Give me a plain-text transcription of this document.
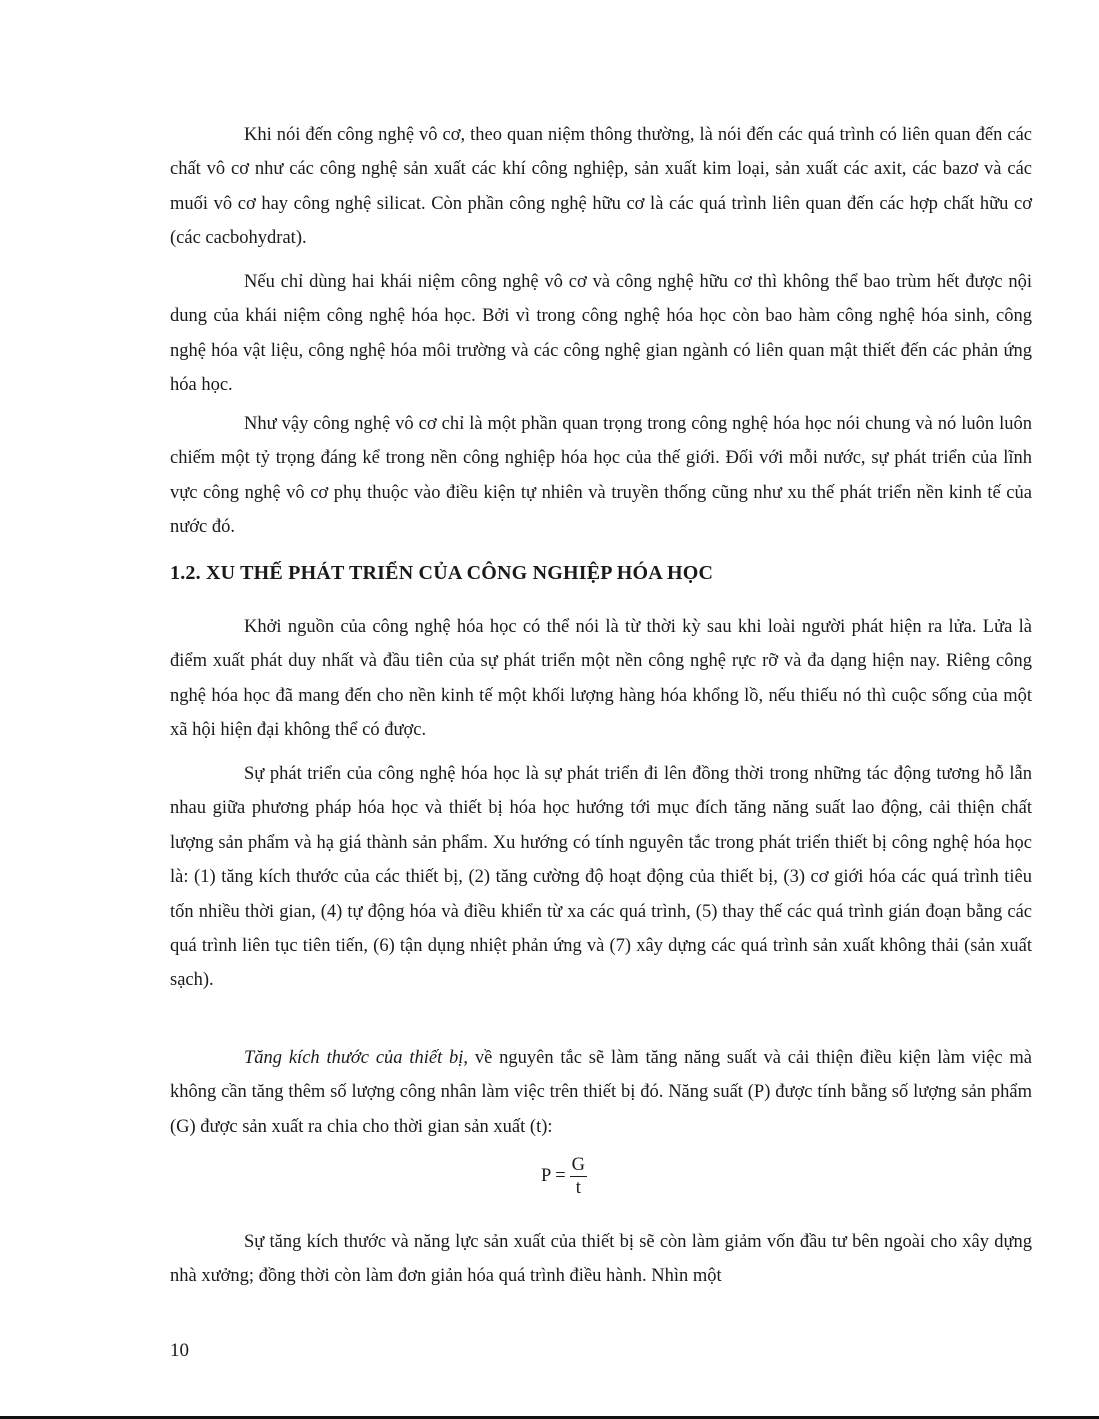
Khi nói đến công nghệ vô cơ, theo quan niệm thông thường, là nói đến các quá trình có liên quan đến các chất vô cơ như các công nghệ sản xuất các khí công nghiệp, sản xuất kim loại, sản xuất các axit, các bazơ và các muối vô cơ hay công nghệ silicat. Còn phần công nghệ hữu cơ là các quá trình liên quan đến các hợp chất hữu cơ (các cacbohydrat).

Nếu chỉ dùng hai khái niệm công nghệ vô cơ và công nghệ hữu cơ thì không thể bao trùm hết được nội dung của khái niệm công nghệ hóa học. Bởi vì trong công nghệ hóa học còn bao hàm công nghệ hóa sinh, công nghệ hóa vật liệu, công nghệ hóa môi trường và các công nghệ gian ngành có liên quan mật thiết đến các phản ứng hóa học.

Như vậy công nghệ vô cơ chỉ là một phần quan trọng trong công nghệ hóa học nói chung và nó luôn luôn chiếm một tỷ trọng đáng kể trong nền công nghiệp hóa học của thế giới. Đối với mỗi nước, sự phát triển của lĩnh vực công nghệ vô cơ phụ thuộc vào điều kiện tự nhiên và truyền thống cũng như xu thế phát triển nền kinh tế của nước đó.

1.2. XU THẾ PHÁT TRIỂN CỦA CÔNG NGHIỆP HÓA HỌC

Khởi nguồn của công nghệ hóa học có thể nói là từ thời kỳ sau khi loài người phát hiện ra lửa. Lửa là điểm xuất phát duy nhất và đầu tiên của sự phát triển một nền công nghệ rực rỡ và đa dạng hiện nay. Riêng công nghệ hóa học đã mang đến cho nền kinh tế một khối lượng hàng hóa khổng lồ, nếu thiếu nó thì cuộc sống của một xã hội hiện đại không thể có được.

Sự phát triển của công nghệ hóa học là sự phát triển đi lên đồng thời trong những tác động tương hỗ lẫn nhau giữa phương pháp hóa học và thiết bị hóa học hướng tới mục đích tăng năng suất lao động, cải thiện chất lượng sản phẩm và hạ giá thành sản phẩm. Xu hướng có tính nguyên tắc trong phát triển thiết bị công nghệ hóa học là: (1) tăng kích thước của các thiết bị, (2) tăng cường độ hoạt động của thiết bị, (3) cơ giới hóa các quá trình tiêu tốn nhiều thời gian, (4) tự động hóa và điều khiển từ xa các quá trình, (5) thay thế các quá trình gián đoạn bằng các quá trình liên tục tiên tiến, (6) tận dụng nhiệt phản ứng và (7) xây dựng các quá trình sản xuất không thải (sản xuất sạch).

Tăng kích thước của thiết bị, về nguyên tắc sẽ làm tăng năng suất và cải thiện điều kiện làm việc mà không cần tăng thêm số lượng công nhân làm việc trên thiết bị đó. Năng suất (P) được tính bằng số lượng sản phẩm (G) được sản xuất ra chia cho thời gian sản xuất (t):

$P = \frac{G}{t}$

Sự tăng kích thước và năng lực sản xuất của thiết bị sẽ còn làm giảm vốn đầu tư bên ngoài cho xây dựng nhà xưởng; đồng thời còn làm đơn giản hóa quá trình điều hành. Nhìn một

10
